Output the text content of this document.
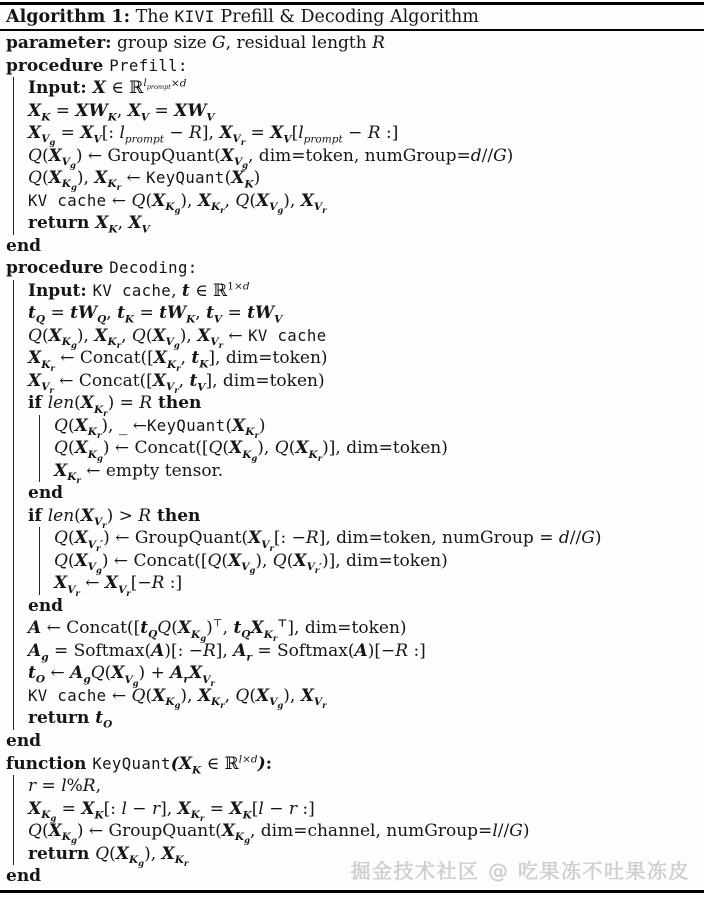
Algorithm 1: The KIVI Prefill & Decoding Algorithm
parameter: group size G, residual length R
procedure Prefill:
Input: X ∈ ℝ$^{l_{prompt}\times d}$
$X_K = XW_K$, $X_V = XW_V$
$X_{V_g} = X_V$[: $l_{prompt} - R$], $X_{V_r} = X_V[l_{prompt} - R$ :]
$Q(X_{V_g})$ ← $GroupQuant(X_{V_g}$, dim=token, numGroup=d//G)
$Q(X_{K_g})$, $X_{K_r}$ ← $KeyQuant(X_K)$
KV cache ← $Q(X_{K_g})$, $X_{K_r}$, $Q(X_{V_g})$, $X_{V_r}$
return $X_K$, $X_V$
end
procedure Decoding:
Input: KV cache, t ∈ ℝ$^{1\times d}$
$t_Q = tW_Q$, $t_K = tW_K$, $t_V = tW_V$
$Q(X_{K_g})$, $X_{K_r}$, $Q(X_{V_g})$, $X_{V_r}$ ← KV cache
$X_{K_r}$ ← $Concat([X_{K_r}$, $t_K$], dim=token)
$X_{V_r}$ ← $Concat([X_{V_r}$, $t_V$], dim=token)
if $len(X_{K_r}) = R$ then
$Q(X_{K_r})$, _ $\leftarrow KeyQuant(X_{K_r})$
$Q(X_{K_g})$ ← $Concat([Q(X_{K_g})$, $Q(X_{K_r})$], dim=token)
$X_{K_r}$ ← empty tensor.
end
if $len(X_{V_r}) > R$ then
$Q(X_{V_r'})$ ← $GroupQuant(X_{V_r}$[: −R], dim=token, numGroup = d//G)
$Q(X_{V_g})$ ← $Concat([Q(X_{V_g})$, $Q(X_{V_r'})$], dim=token)
$X_{V_r}$ ← $X_{V_r}[-R$ :]
end
A ← $Concat([t_QQ(X_{K_g})^⊤$, $t_QX_{K_r}^⊤$], dim=token)
$A_g$ = Softmax(A)[: −R], $A_r$ = Softmax(A)[−R :]
$t_O$ ← $A_gQ(X_{V_g}) + A_rX_{V_r}$
KV cache ← $Q(X_{K_g})$, $X_{K_r}$, $Q(X_{V_g})$, $X_{V_r}$
return $t_O$
end
function $KeyQuant(X_K$ ∈ ℝ$^{l\times d}$):
r = l%R,
$X_{K_g} = X_K$[: l − r], $X_{K_r} = X_K[l - r$ :]
$Q(X_{K_g})$ ← $GroupQuant(X_{K_g}$, dim=channel, numGroup=l//G)
return $Q(X_{K_g})$, $X_{K_r}$
end	掘金技术社区 @ 吃果冻不吐果冻皮
